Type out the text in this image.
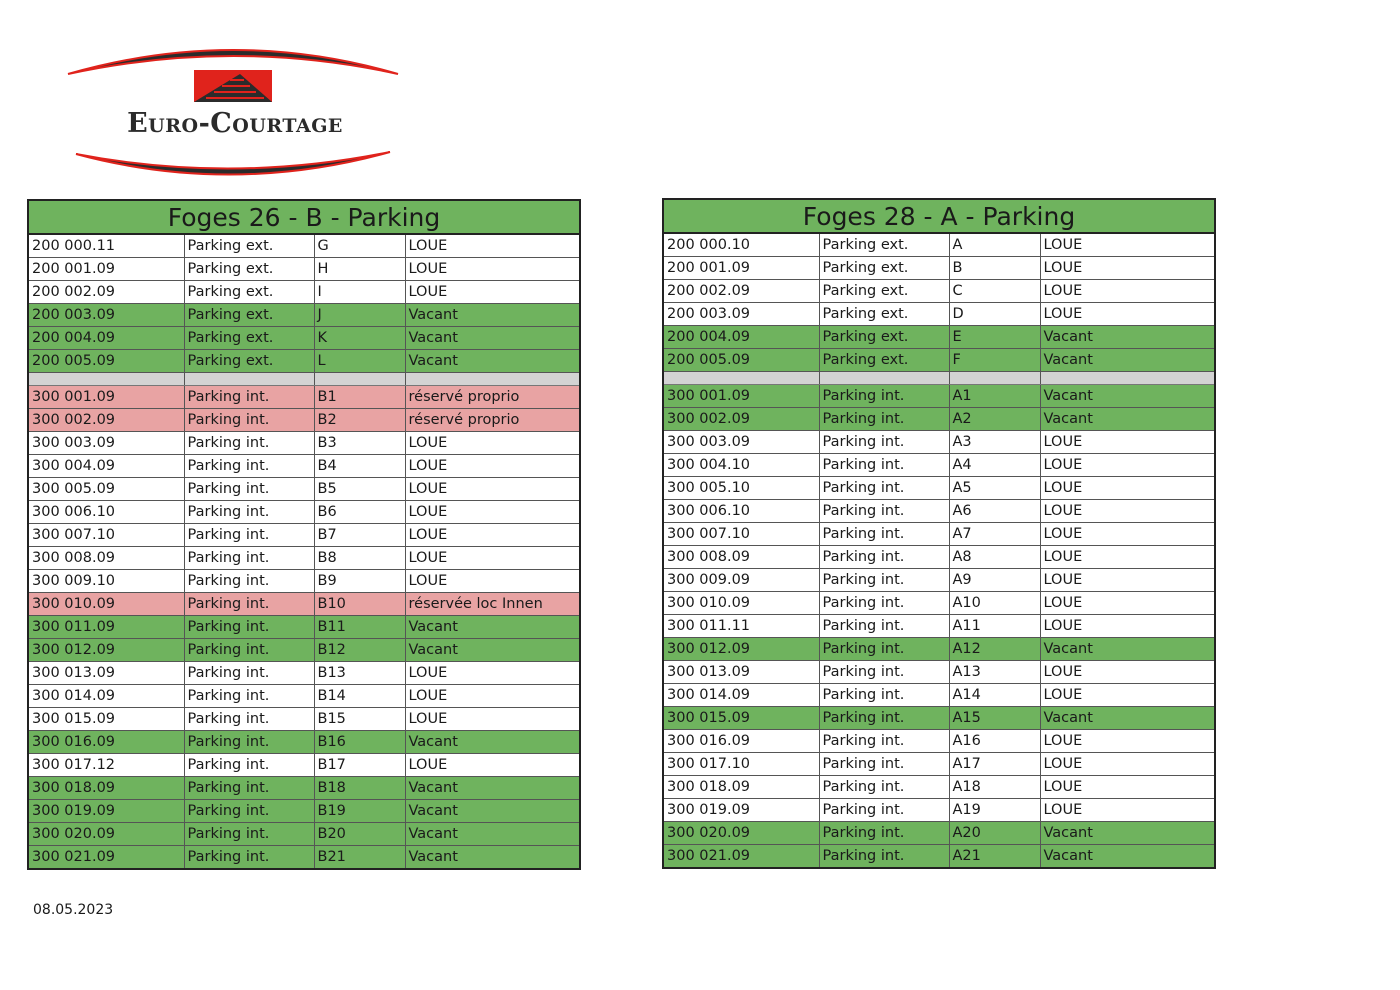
Euro-Courtage
Foges 26 - B - Parking			
200 000.11	Parking ext.	G	LOUE
200 001.09	Parking ext.	H	LOUE
200 002.09	Parking ext.	I	LOUE
200 003.09	Parking ext.	J	Vacant
200 004.09	Parking ext.	K	Vacant
200 005.09	Parking ext.	L	Vacant

300 001.09	Parking int.	B1	réservé proprio
300 002.09	Parking int.	B2	réservé proprio
300 003.09	Parking int.	B3	LOUE
300 004.09	Parking int.	B4	LOUE
300 005.09	Parking int.	B5	LOUE
300 006.10	Parking int.	B6	LOUE
300 007.10	Parking int.	B7	LOUE
300 008.09	Parking int.	B8	LOUE
300 009.10	Parking int.	B9	LOUE
300 010.09	Parking int.	B10	réservée loc Innen
300 011.09	Parking int.	B11	Vacant
300 012.09	Parking int.	B12	Vacant
300 013.09	Parking int.	B13	LOUE
300 014.09	Parking int.	B14	LOUE
300 015.09	Parking int.	B15	LOUE
300 016.09	Parking int.	B16	Vacant
300 017.12	Parking int.	B17	LOUE
300 018.09	Parking int.	B18	Vacant
300 019.09	Parking int.	B19	Vacant
300 020.09	Parking int.	B20	Vacant
300 021.09	Parking int.	B21	Vacant
Foges 28 - A - Parking			
200 000.10	Parking ext.	A	LOUE
200 001.09	Parking ext.	B	LOUE
200 002.09	Parking ext.	C	LOUE
200 003.09	Parking ext.	D	LOUE
200 004.09	Parking ext.	E	Vacant
200 005.09	Parking ext.	F	Vacant

300 001.09	Parking int.	A1	Vacant
300 002.09	Parking int.	A2	Vacant
300 003.09	Parking int.	A3	LOUE
300 004.10	Parking int.	A4	LOUE
300 005.10	Parking int.	A5	LOUE
300 006.10	Parking int.	A6	LOUE
300 007.10	Parking int.	A7	LOUE
300 008.09	Parking int.	A8	LOUE
300 009.09	Parking int.	A9	LOUE
300 010.09	Parking int.	A10	LOUE
300 011.11	Parking int.	A11	LOUE
300 012.09	Parking int.	A12	Vacant
300 013.09	Parking int.	A13	LOUE
300 014.09	Parking int.	A14	LOUE
300 015.09	Parking int.	A15	Vacant
300 016.09	Parking int.	A16	LOUE
300 017.10	Parking int.	A17	LOUE
300 018.09	Parking int.	A18	LOUE
300 019.09	Parking int.	A19	LOUE
300 020.09	Parking int.	A20	Vacant
300 021.09	Parking int.	A21	Vacant
08.05.2023
